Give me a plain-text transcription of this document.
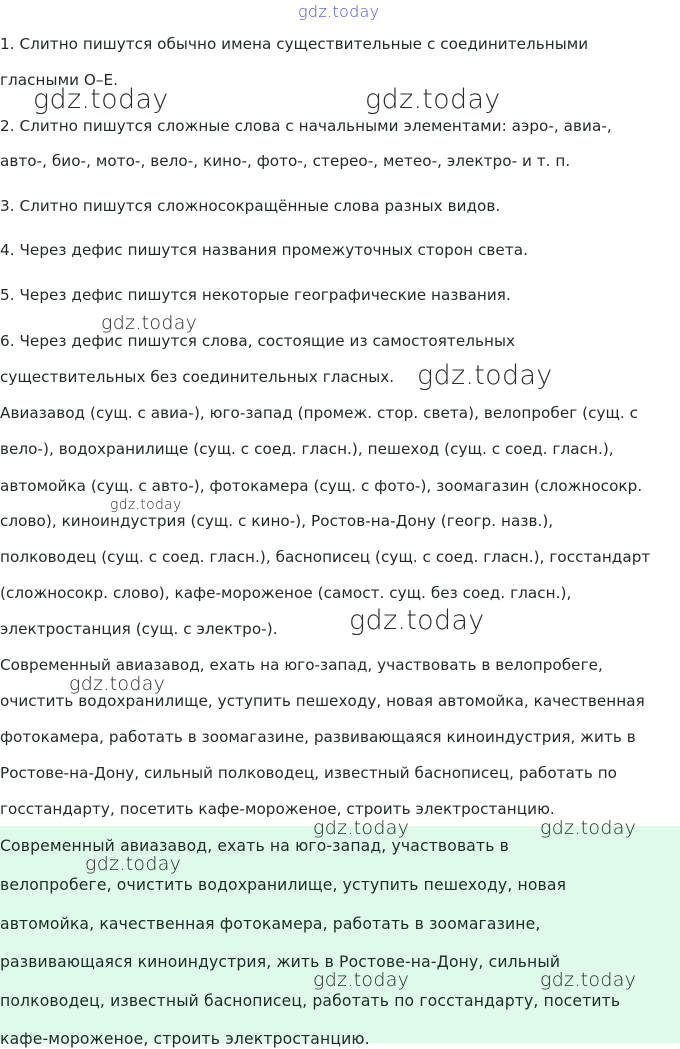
gdz.today
1. Слитно пишутся обычно имена существительные с соединительными
гласными О–Е.
2. Слитно пишутся сложные слова с начальными элементами: аэро-, авиа-,
авто-, био-, мото-, вело-, кино-, фото-, стерео-, метео-, электро- и т. п.
3. Слитно пишутся сложносокращённые слова разных видов.
4. Через дефис пишутся названия промежуточных сторон света.
5. Через дефис пишутся некоторые географические названия.
6. Через дефис пишутся слова, состоящие из самостоятельных
существительных без соединительных гласных.
Авиазавод (сущ. с авиа-), юго-запад (промеж. стор. света), велопробег (сущ. с
вело-), водохранилище (сущ. с соед. гласн.), пешеход (сущ. с соед. гласн.),
автомойка (сущ. с авто-), фотокамера (сущ. с фото-), зоомагазин (сложносокр.
слово), киноиндустрия (сущ. с кино-), Ростов-на-Дону (геогр. назв.),
полководец (сущ. с соед. гласн.), баснописец (сущ. с соед. гласн.), госстандарт
(сложносокр. слово), кафе-мороженое (самост. сущ. без соед. гласн.),
электростанция (сущ. с электро-).
Современный авиазавод, ехать на юго-запад, участвовать в велопробеге,
очистить водохранилище, уступить пешеходу, новая автомойка, качественная
фотокамера, работать в зоомагазине, развивающаяся киноиндустрия, жить в
Ростове-на-Дону, сильный полководец, известный баснописец, работать по
госстандарту, посетить кафе-мороженое, строить электростанцию.
Современный авиазавод, ехать на юго-запад, участвовать в
велопробеге, очистить водохранилище, уступить пешеходу, новая
автомойка, качественная фотокамера, работать в зоомагазине,
развивающаяся киноиндустрия, жить в Ростове-на-Дону, сильный
полководец, известный баснописец, работать по госстандарту, посетить
кафе-мороженое, строить электростанцию.
gdz.today	gdz.today
gdz.today
gdz.today
gdz.today
gdz.today
gdz.today
gdz.today	gdz.today
gdz.today
gdz.today	gdz.today
